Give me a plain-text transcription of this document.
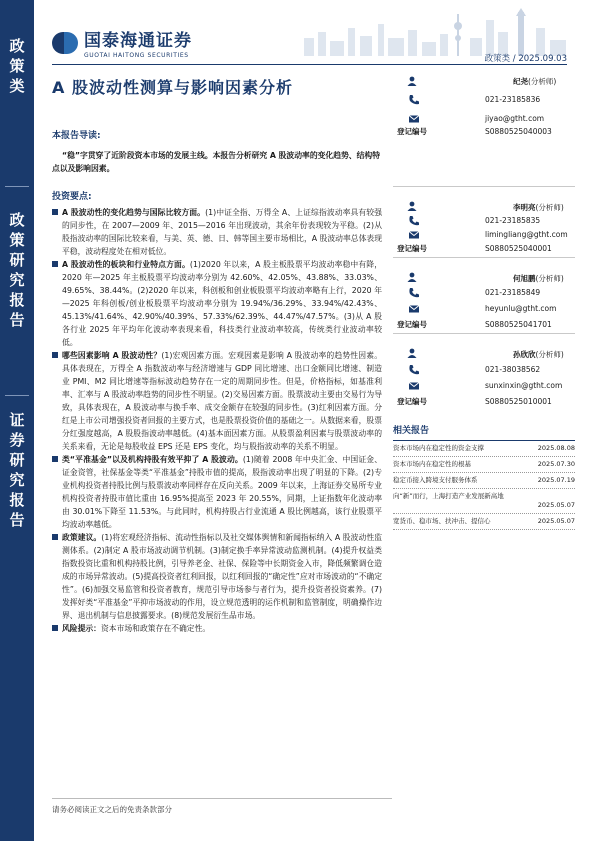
政
策
类
政
策
研
究
报
告
证
券
研
究
报
告
国泰海通证券
GUOTAI HAITONG SECURITIES	政策类 / 2025.09.03
A 股波动性测算与影响因素分析
本报告导读:
“稳”字贯穿了近阶段资本市场的发展主线。本报告分析研究 A 股波动率的变化趋势、结构特点以及影响因素。
投资要点:
A 股波动性的变化趋势与国际比较方面。(1)中证全指、万得全 A、上证综指波动率具有较强的同步性，在 2007—2009 年、2015—2016 年出现波动，其余年份表现较为平稳。(2)从股指波动率的国际比较来看，与美、英、德、日、韩等国主要市场相比，A 股波动率总体表现平稳，波动程度处在相对低位。
A 股波动性的板块和行业特点方面。(1)2020 年以来，A 股主板股票平均波动率稳中有降，2020 年—2025 年主板股票平均波动率分别为 42.60%、42.05%、43.88%、33.03%、49.65%、38.44%。(2)2020 年以来，科创板和创业板股票平均波动率略有上行，2020 年—2025 年科创板/创业板股票平均波动率分别为 19.94%/36.29%、33.94%/42.43%、45.13%/41.64%、42.90%/40.39%、57.33%/62.39%、44.47%/47.57%。(3)从 A 股各行业 2025 年平均年化波动率表现来看，科技类行业波动率较高，传统类行业波动率较低。
哪些因素影响 A 股波动性？(1)宏观因素方面。宏观因素是影响 A 股波动率的趋势性因素。具体表现在，万得全 A 指数波动率与经济增速与 GDP 同比增速、出口金额同比增速、制造业 PMI、M2 同比增速等指标波动趋势存在一定的周期同步性。但是，价格指标，如基准利率、汇率与 A 股波动率趋势的同步性不明显。(2)交易因素方面。股票波动主要由交易行为导致，具体表现在，A 股波动率与换手率、成交金额存在较强的同步性。(3)红利因素方面。分红是上市公司增强投资者回报的主要方式，也是股票投资价值的基础之一。从数据来看，股票分红强度越高，A 股股指波动率越低。(4)基本面因素方面。从股票盈利因素与股票波动率的关系来看，无论是每股收益 EPS 还是 EPS 变化，均与股指波动率的关系不明显。
类“平准基金”以及机构持股有效平抑了 A 股波动。(1)随着 2008 年中央汇金、中国证金、证金资管，社保基金等类“平准基金”持股市值的提高，股指波动率出现了明显的下降。(2)专业机构投资者持股比例与股票波动率同样存在反向关系。2009 年以来，上海证券交易所专业机构投资者持股市值比重由 16.95%提高至 2023 年 20.55%，同期，上证指数年化波动率由 30.01%下降至 11.53%。与此同时，机构持股占行业流通 A 股比例越高，该行业股票平均波动率越低。
政策建议。(1)将宏观经济指标、流动性指标以及社交媒体舆情和新闻指标纳入 A 股波动性监测体系。(2)制定 A 股市场波动调节机制。(3)制定换手率异常波动监测机制。(4)提升权益类指数投资比重和机构持股比例，引导养老金、社保、保险等中长期资金入市，降低频繁调仓造成的市场异常波动。(5)提高投资者红利回报，以红利回报的“确定性”应对市场波动的“不确定性”。(6)加强交易监管和投资者教育，规范引导市场参与者行为，提升投资者投资素养。(7)发挥好类“平准基金”平抑市场波动的作用，设立规范透明的运作机制和监管制度，明确操作边界、退出机制与信息披露要求。(8)规范发展衍生品市场。
风险提示：资本市场和政策存在不确定性。
请务必阅读正文之后的免责条款部分
纪尧(分析师)
021-23185836
jiyao@gtht.com
登记编号	S0880525040003
李明亮(分析师)
021-23185835
limingliang@gtht.com
登记编号	S0880525040001
何旭鹏(分析师)
021-23185849
heyunlu@gtht.com
登记编号	S0880525041701
孙欣欣(分析师)
021-38038562
sunxinxin@gtht.com
登记编号	S0880525010001
相关报告
资本市场内在稳定性的资金支撑	2025.08.08
资本市场内在稳定性的根基	2025.07.30
稳定币接入跨境支付服务体系	2025.07.19
向“新”而行，上海打造产业发展新高地
2025.05.07
宽货币、稳市场、扶冲击、提信心	2025.05.07
